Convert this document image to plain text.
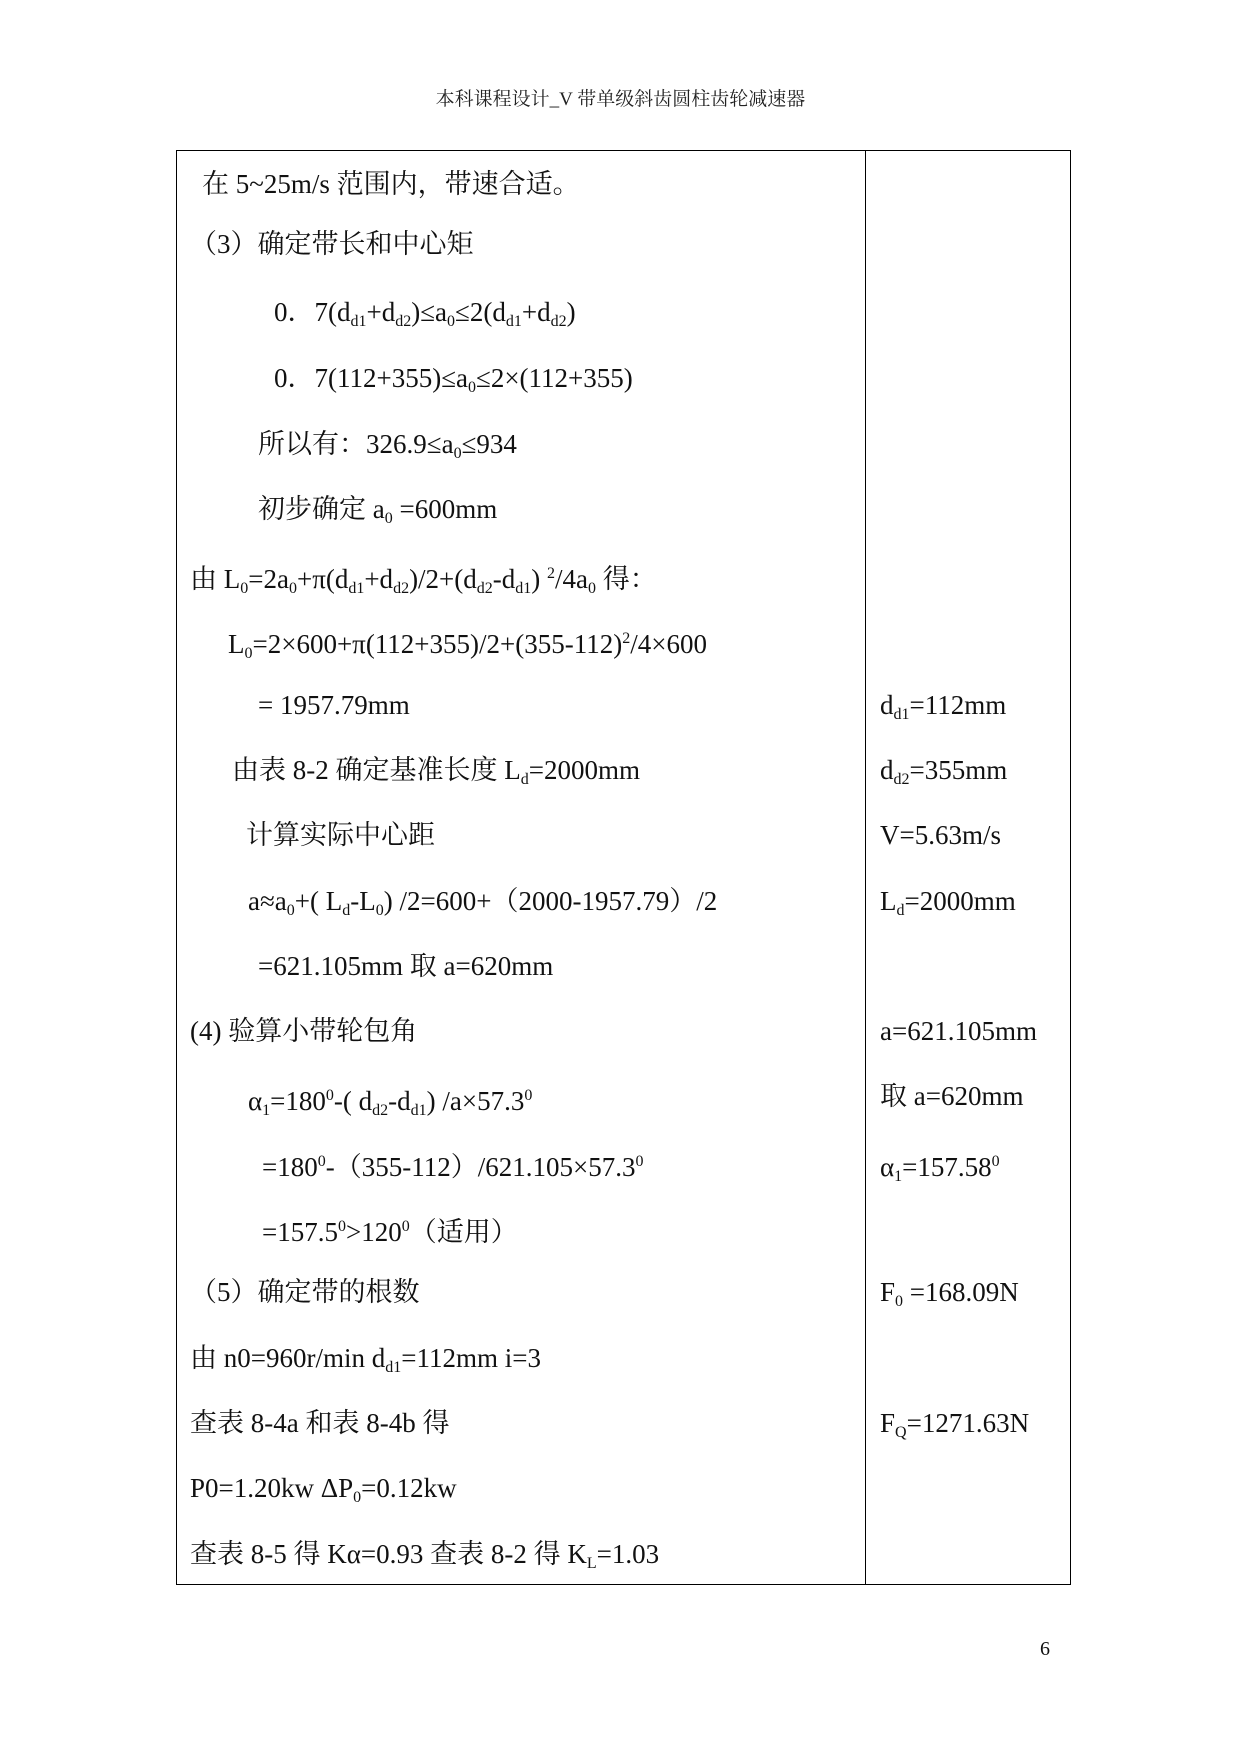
本科课程设计_V 带单级斜齿圆柱齿轮减速器
在 5~25m/s 范围内，带速合适。
（3）确定带长和中心矩
0．$7(d_{d1}+d_{d2})\le a_0\le 2(d_{d1}+d_{d2})$
0．$7(112+355)\le a_0\le 2\times(112+355)$
所以有：$326.9\le a_0\le 934$
初步确定 $a_0 =600mm$
由 $L_0=2a_0+\pi(d_{d1}+d_{d2})/2+(d_{d2}-d_{d1})$ $^2/4a_0$ 得：
$L_0=2\times 600+\pi(112+355)/2+(355-112)^2/4\times 600$
= 1957.79mm
由表 8-2 确定基准长度 $L_d=2000mm$
计算实际中心距
$a\approx a_0+$( $L_d-L_0$) /2=600+（2000-1957.79）/2
=621.105mm 取 a=620mm
(4) 验算小带轮包角
$\alpha_1=180^0-$( $d_{d2}-d_{d1}$) $/a\times 57.3^0$
$=180^0-(355-112)/621.105\times 57.3^0$
$=157.5^0>120^0$（适用）
（5）确定带的根数
由 n0=960r/min $d_{d1}=112mm$ i=3
查表 8-4a 和表 8-4b 得
P0=1.20kw $\Delta P_0=0.12kw$
查表 8-5 得 Kα=0.93 查表 8-2 得 $K_L=1.03$
$d_{d1}=112mm$
$d_{d2}=355mm$
V=5.63m/s
$L_d=2000mm$
a=621.105mm
取 a=620mm
$\alpha_1=157.58^0$
$F_0 =168.09N$
$F_Q=1271.63N$
6
